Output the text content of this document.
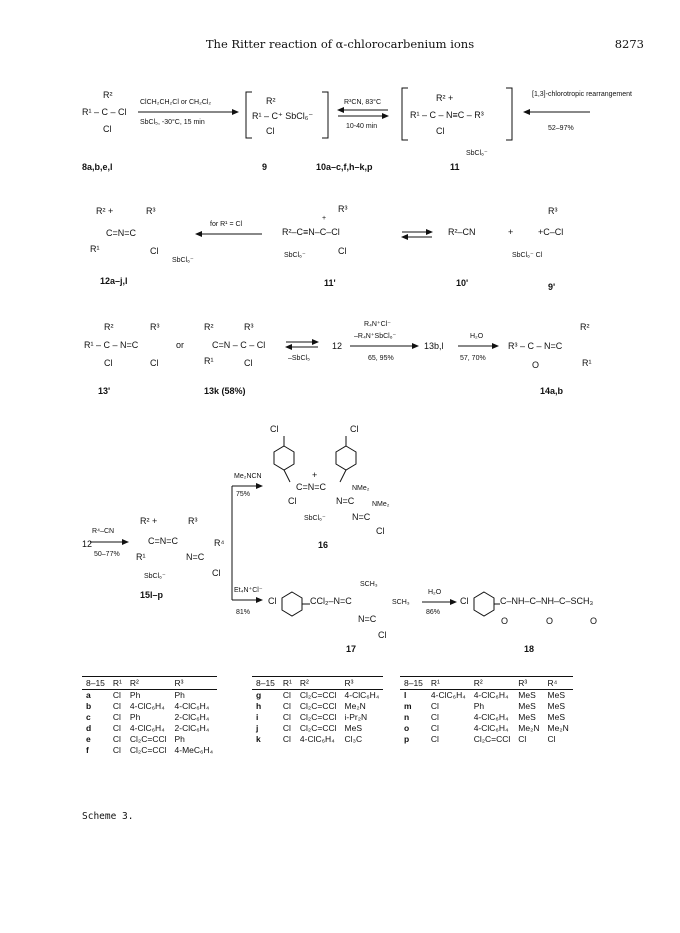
The Ritter reaction of α-chlorocarbenium ions	8273
R²
R¹ – C – Cl
Cl
ClCH₂CH₂Cl or CH₂Cl₂
SbCl₅, -30°C, 15 min
R²
R¹ – C⁺ SbCl₆⁻
Cl
R³CN, 83°C
10-40 min
R² +
R¹ – C – N≡C – R³
Cl
SbCl₆⁻
[1,3]-chlorotropic rearrangement
52–97%
8a,b,e,l	9	10a–c,f,h–k,p	11
R² +	R³
C=N=C
R¹	Cl
SbCl₆⁻
for R¹ = Cl
R³
+
R²–C≡N–C–Cl
SbCl₆⁻	Cl
R²–CN	+
R³
+C–Cl
SbCl₆⁻ Cl
12a–j,l	11'	10'	9'
R²	R³
R¹ – C – N=C
Cl	Cl
or
R²	R³
C=N – C – Cl
R¹	Cl	–SbCl₅
12
R₄N⁺Cl⁻
–R₄N⁺SbCl₆⁻
65, 95%
13b,l
H₂O
57, 70%
R²
R³ – C – N=C
O	R¹
13'	13k (58%)	14a,b
12
R⁴–CN
50–77%
R² +	R³
C=N=C
R¹
R⁴
N=C
Cl
SbCl₆⁻
15l–p
Me₂NCN
75%
Et₄N⁺Cl⁻
81%
Cl	Cl
+
C=N=C	NMe₂
N=C	NMe₂
N=C
Cl
SbCl₆⁻
Cl
16
Cl	CCl₂–N=C
SCH₃
SCH₃
N=C
Cl
17
H₂O
86%
Cl	C–NH–C–NH–C–SCH₃
O	O	O
18
8–15	R¹	R²	R³
a	Cl	Ph	Ph
b	Cl	4-ClC₆H₄	4-ClC₆H₄
c	Cl	Ph	2-ClC₆H₄
d	Cl	4-ClC₆H₄	2-ClC₆H₄
e	Cl	Cl₂C=CCl	Ph
f	Cl	Cl₂C=CCl	4-MeC₆H₄
8–15	R¹	R²	R³
g	Cl	Cl₂C=CCl	4-ClC₆H₄
h	Cl	Cl₂C=CCl	Me₂N
i	Cl	Cl₂C=CCl	i-Pr₂N
j	Cl	Cl₂C=CCl	MeS
k	Cl	4-ClC₆H₄	Cl₃C
8–15	R¹	R²	R³	R⁴
l	4-ClC₆H₄	4-ClC₆H₄	MeS	MeS
m	Cl	Ph	MeS	MeS
n	Cl	4-ClC₆H₄	MeS	MeS
o	Cl	4-ClC₆H₄	Me₂N	Me₂N
p	Cl	Cl₂C=CCl	Cl	Cl
Scheme 3.
